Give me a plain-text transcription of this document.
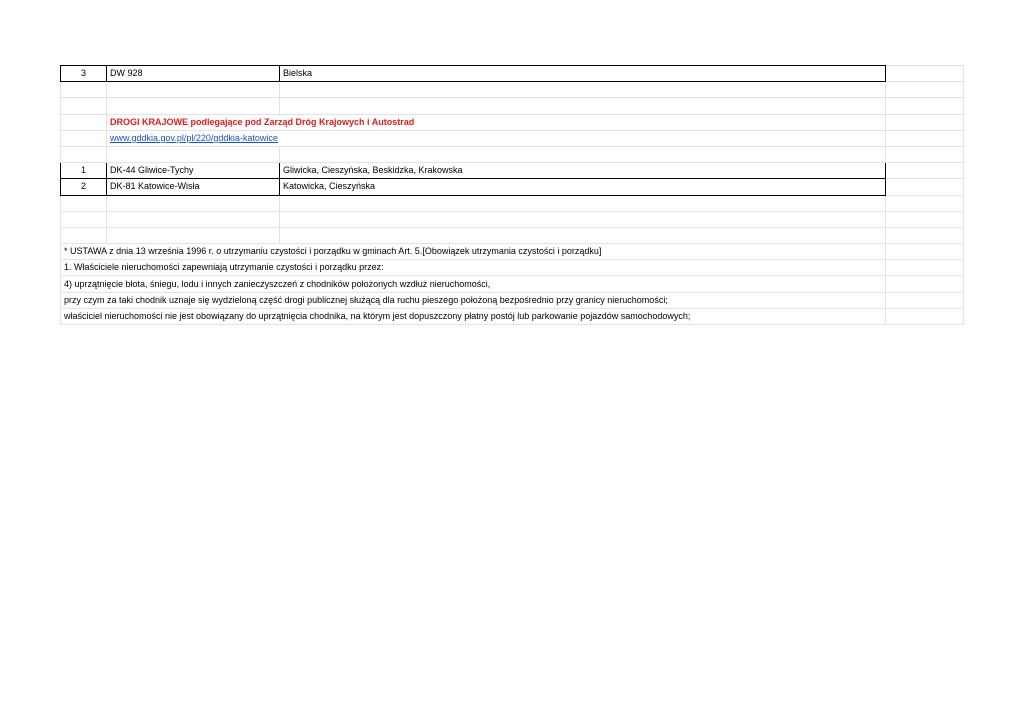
3	DW 928	Bielska	

	DROGI KRAJOWE podlegające pod Zarząd Dróg Krajowych i Autostrad		
	www.gddkia.gov.pl/pl/220/gddkia-katowice		

1	DK-44 Gliwice-Tychy	Gliwicka, Cieszyńska, Beskidzka, Krakowska	
2	DK-81 Katowice-Wisła	Katowicka, Cieszyńska	

* USTAWA z dnia 13 września 1996 r. o utrzymaniu czystości i porządku w gminach Art. 5.[Obowiązek utrzymania czystości i porządku]			
1. Właściciele nieruchomości zapewniają utrzymanie czystości i porządku przez:			
4) uprzątnięcie błota, śniegu, lodu i innych zanieczyszczeń z chodników położonych wzdłuż nieruchomości,			
przy czym za taki chodnik uznaje się wydzieloną część drogi publicznej służącą dla ruchu pieszego położoną bezpośrednio przy granicy nieruchomości;			
właściciel nieruchomości nie jest obowiązany do uprzątnięcia chodnika, na którym jest dopuszczony płatny postój lub parkowanie pojazdów samochodowych;			
